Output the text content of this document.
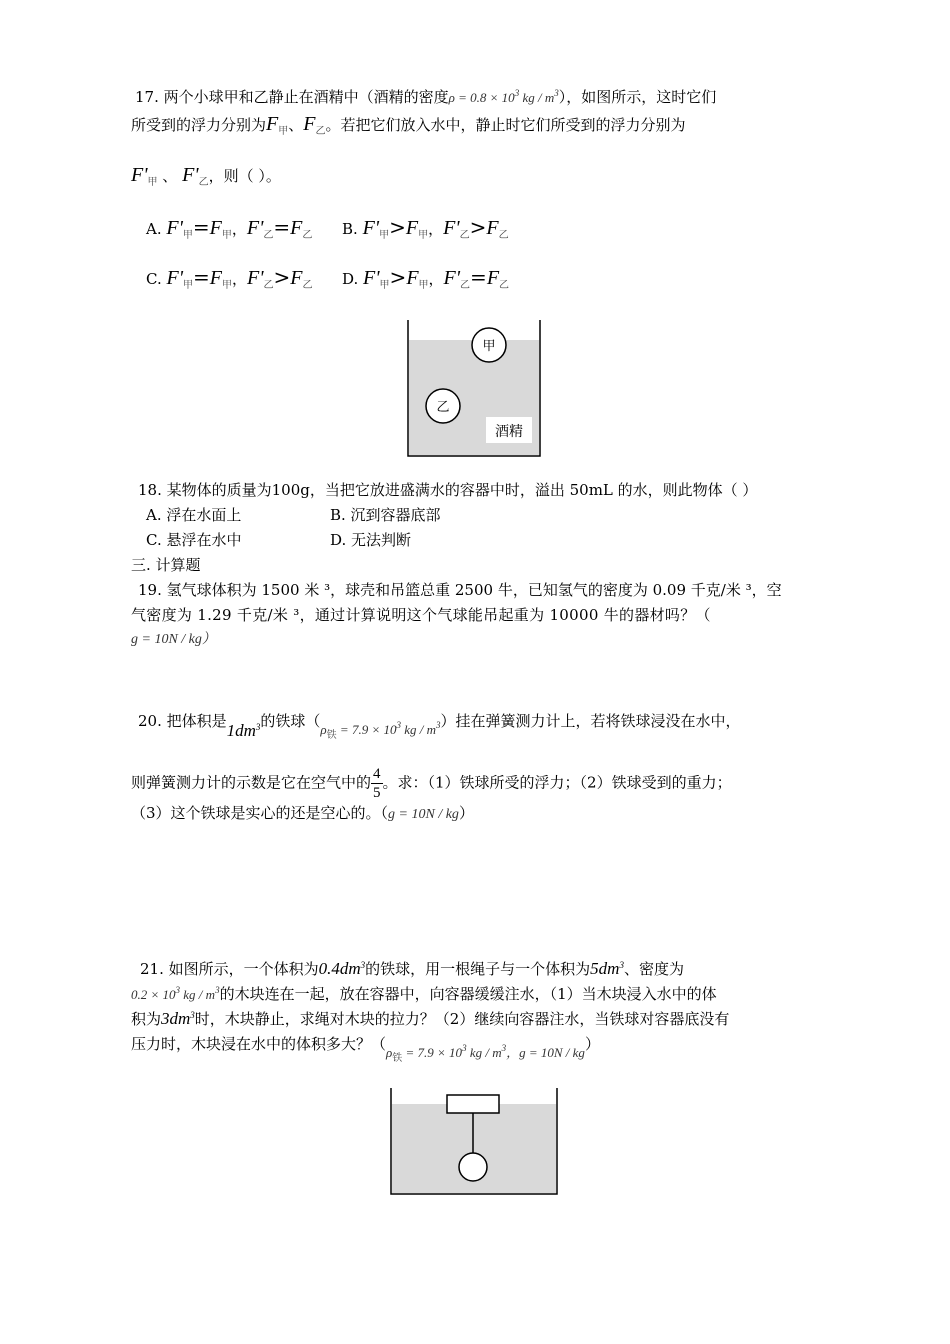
17. 两个小球甲和乙静止在酒精中（酒精的密度$\rho = 0.8 \times 10^3$ kg / $m^3$），如图所示，这时它们
所受到的浮力分别为$F_甲$、$F_乙$。若把它们放入水中，静止时它们所受到的浮力分别为
$F'_甲$ 、 $F'_乙$，则（ ）。
A. $F'_甲=F_甲$，$F'_乙=F_乙$ B. $F'_甲>F_甲$，$F'_乙>F_乙$
C. $F'_甲=F_甲$，$F'_乙>F_乙$ D. $F'_甲>F_甲$，$F'_乙=F_乙$
甲
乙
酒精
18. 某物体的质量为100g，当把它放进盛满水的容器中时，溢出 50mL 的水，则此物体（ ）
A. 浮在水面上	B. 沉到容器底部
C. 悬浮在水中	D. 无法判断
三. 计算题
19. 氢气球体积为 1500 米 ³，球壳和吊篮总重 2500 牛，已知氢气的密度为 0.09 千克/米 ³，空
气密度为 1.29 千克/米 ³，通过计算说明这个气球能吊起重为 10000 牛的器材吗？（
g = 10N / kg）
20. 把体积是$1dm^3$的铁球（$\rho_铁 = 7.9 \times 10^3$ kg / $m^3$）挂在弹簧测力计上，若将铁球浸没在水中，
则弹簧测力计的示数是它在空气中的 $\frac{4}{5}$ 。求：（1）铁球所受的浮力；（2）铁球受到的重力；
（3）这个铁球是实心的还是空心的。（g = 10N / kg）
21. 如图所示，一个体积为$0.4dm^3$的铁球，用一根绳子与一个体积为$5dm^3$、密度为
$0.2 \times 10^3$ kg / $m^3$的木块连在一起，放在容器中，向容器缓缓注水，（1）当木块浸入水中的体
积为$3dm^3$时，木块静止，求绳对木块的拉力？（2）继续向容器注水，当铁球对容器底没有
压力时，木块浸在水中的体积多大？（$\rho_铁 = 7.9 \times 10^3$ kg / $m^3$，g = 10N / kg）
